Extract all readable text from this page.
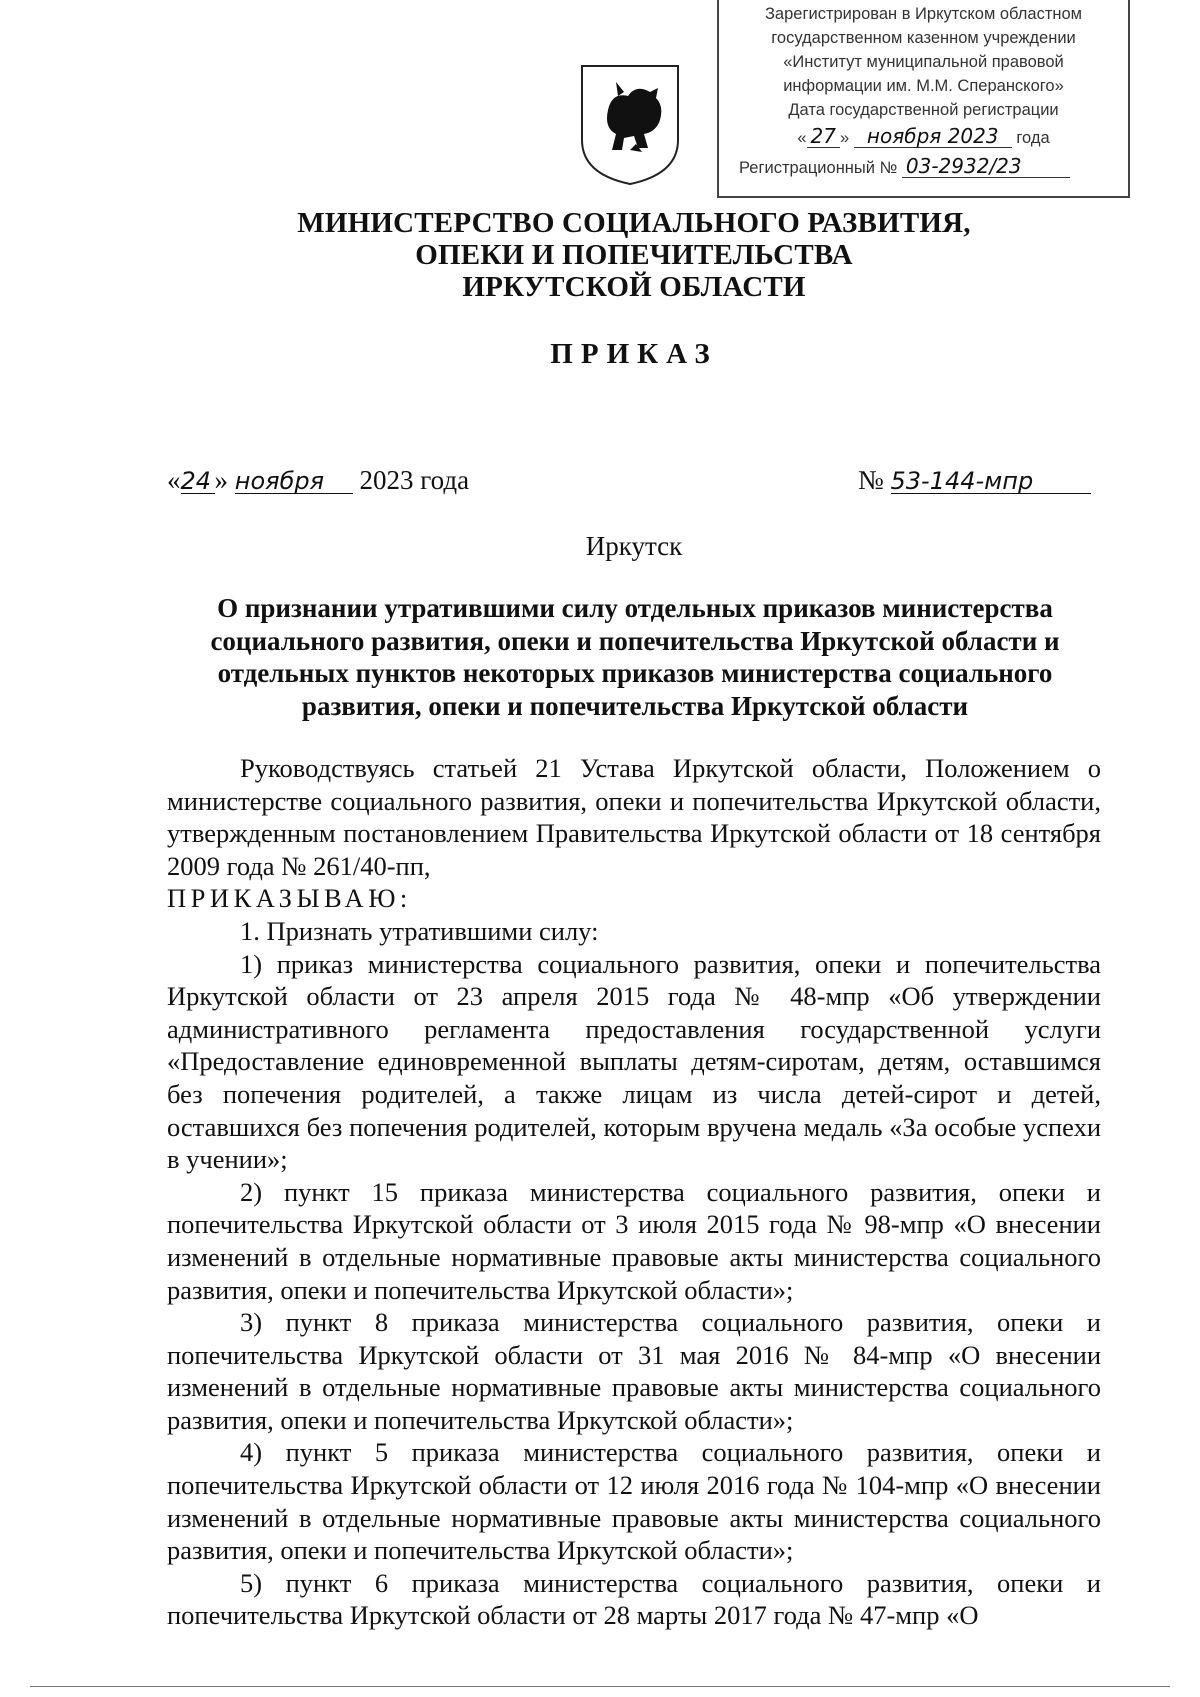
Зарегистрирован в Иркутском областном
государственном казенном учреждении
«Институт муниципальной правовой
информации им. М.М. Сперанского»
Дата государственной регистрации
« 27 » ноября 2023 года
Регистрационный № 03-2932/23
МИНИСТЕРСТВО СОЦИАЛЬНОГО РАЗВИТИЯ,
ОПЕКИ И ПОПЕЧИТЕЛЬСТВА
ИРКУТСКОЙ ОБЛАСТИ
ПРИКАЗ
«24 » ноября 2023 года	№ 53-144-мпр
Иркутск
О признании утратившими силу отдельных приказов министерства социального развития, опеки и попечительства Иркутской области и отдельных пунктов некоторых приказов министерства социального развития, опеки и попечительства Иркутской области

Руководствуясь статьей 21 Устава Иркутской области, Положением о министерстве социального развития, опеки и попечительства Иркутской области, утвержденным постановлением Правительства Иркутской области от 18 сентября 2009 года № 261/40-пп,

ПРИКАЗЫВАЮ:

1. Признать утратившими силу:

1) приказ министерства социального развития, опеки и попечительства Иркутской области от 23 апреля 2015 года № 48-мпр «Об утверждении административного регламента предоставления государственной услуги «Предоставление единовременной выплаты детям-сиротам, детям, оставшимся без попечения родителей, а также лицам из числа детей-сирот и детей, оставшихся без попечения родителей, которым вручена медаль «За особые успехи в учении»;

2) пункт 15 приказа министерства социального развития, опеки и попечительства Иркутской области от 3 июля 2015 года № 98-мпр «О внесении изменений в отдельные нормативные правовые акты министерства социального развития, опеки и попечительства Иркутской области»;

3) пункт 8 приказа министерства социального развития, опеки и попечительства Иркутской области от 31 мая 2016 № 84-мпр «О внесении изменений в отдельные нормативные правовые акты министерства социального развития, опеки и попечительства Иркутской области»;

4) пункт 5 приказа министерства социального развития, опеки и попечительства Иркутской области от 12 июля 2016 года № 104-мпр «О внесении изменений в отдельные нормативные правовые акты министерства социального развития, опеки и попечительства Иркутской области»;

5) пункт 6 приказа министерства социального развития, опеки и попечительства Иркутской области от 28 марты 2017 года № 47-мпр «О
